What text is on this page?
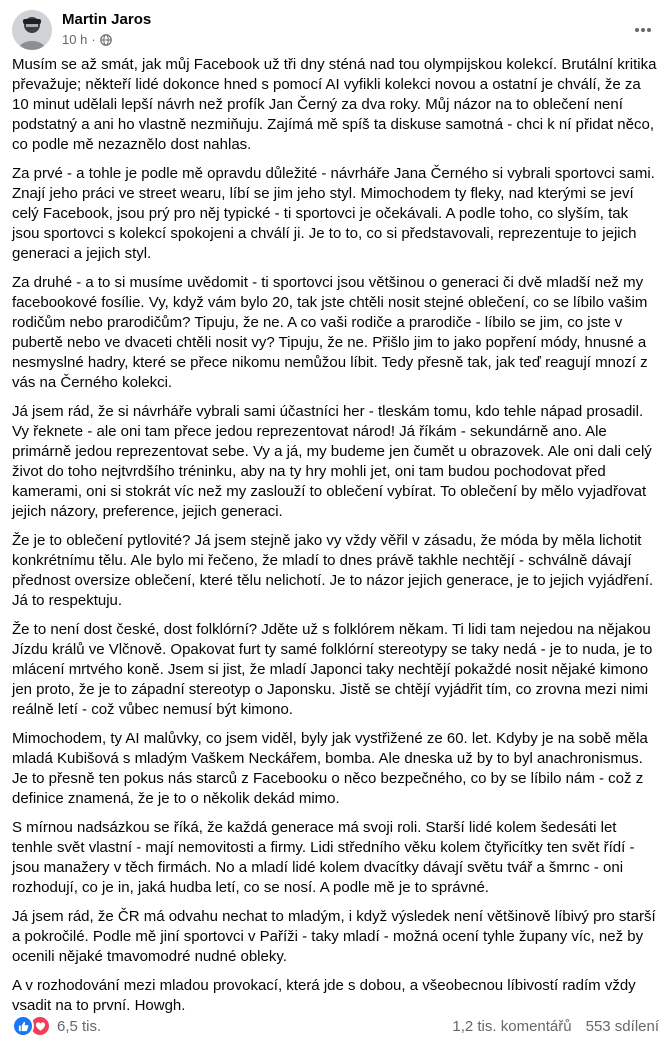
Martin Jaros
10 h ·

Musím se až smát, jak můj Facebook už tři dny sténá nad tou olympijskou kolekcí. Brutální kritika převažuje; někteří lidé dokonce hned s pomocí AI vyfikli kolekci novou a ostatní je chválí, že za 10 minut udělali lepší návrh než profík Jan Černý za dva roky. Můj názor na to oblečení není podstatný a ani ho vlastně nezmiňuju. Zajímá mě spíš ta diskuse samotná - chci k ní přidat něco, co podle mě nezaznělo dost nahlas.

Za prvé - a tohle je podle mě opravdu důležité - návrháře Jana Černého si vybrali sportovci sami. Znají jeho práci ve street wearu, líbí se jim jeho styl. Mimochodem ty fleky, nad kterými se jeví celý Facebook, jsou prý pro něj typické - ti sportovci je očekávali. A podle toho, co slyším, tak jsou sportovci s kolekcí spokojeni a chválí ji. Je to to, co si představovali, reprezentuje to jejich generaci a jejich styl.

Za druhé - a to si musíme uvědomit - ti sportovci jsou většinou o generaci či dvě mladší než my facebookové fosílie. Vy, když vám bylo 20, tak jste chtěli nosit stejné oblečení, co se líbilo vašim rodičům nebo prarodičům? Tipuju, že ne. A co vaši rodiče a prarodiče - líbilo se jim, co jste v pubertě nebo ve dvaceti chtěli nosit vy? Tipuju, že ne. Přišlo jim to jako popření módy, hnusné a nesmyslné hadry, které se přece nikomu nemůžou líbit. Tedy přesně tak, jak teď reagují mnozí z vás na Černého kolekci.

Já jsem rád, že si návrháře vybrali sami účastníci her - tleskám tomu, kdo tehle nápad prosadil. Vy řeknete - ale oni tam přece jedou reprezentovat národ! Já říkám - sekundárně ano. Ale primárně jedou reprezentovat sebe. Vy a já, my budeme jen čumět u obrazovek. Ale oni dali celý život do toho nejtvrdšího tréninku, aby na ty hry mohli jet, oni tam budou pochodovat před kamerami, oni si stokrát víc než my zaslouží to oblečení vybírat. To oblečení by mělo vyjadřovat jejich názory, preference, jejich generaci.

Že je to oblečení pytlovité? Já jsem stejně jako vy vždy věřil v zásadu, že móda by měla lichotit konkrétnímu tělu. Ale bylo mi řečeno, že mladí to dnes právě takhle nechtějí - schválně dávají přednost oversize oblečení, které tělu nelichotí. Je to názor jejich generace, je to jejich vyjádření. Já to respektuju.

Že to není dost české, dost folklórní? Jděte už s folklórem někam. Ti lidi tam nejedou na nějakou Jízdu králů ve Vlčnově. Opakovat furt ty samé folklórní stereotypy se taky nedá - je to nuda, je to mlácení mrtvého koně. Jsem si jist, že mladí Japonci taky nechtějí pokaždé nosit nějaké kimono jen proto, že je to západní stereotyp o Japonsku. Jistě se chtějí vyjádřit tím, co zrovna mezi nimi reálně letí - což vůbec nemusí být kimono.

Mimochodem, ty AI malůvky, co jsem viděl, byly jak vystřižené ze 60. let. Kdyby je na sobě měla mladá Kubišová s mladým Vaškem Neckářem, bomba. Ale dneska už by to byl anachronismus. Je to přesně ten pokus nás starců z Facebooku o něco bezpečného, co by se líbilo nám - což z definice znamená, že je to o několik dekád mimo.

S mírnou nadsázkou se říká, že každá generace má svoji roli. Starší lidé kolem šedesáti let tenhle svět vlastní - mají nemovitosti a firmy. Lidi středního věku kolem čtyřicítky ten svět řídí - jsou manažery v těch firmách. No a mladí lidé kolem dvacítky dávají světu tvář a šmrnc - oni rozhodují, co je in, jaká hudba letí, co se nosí. A podle mě je to správné.

Já jsem rád, že ČR má odvahu nechat to mladým, i když výsledek není většinově líbivý pro starší a pokročilé. Podle mě jiní sportovci v Paříži - taky mladí - možná ocení tyhle župany víc, než by ocenili nějaké tmavomodré nudné obleky.

A v rozhodování mezi mladou provokací, která jde s dobou, a všeobecnou líbivostí radím vždy vsadit na to první. Howgh.

6,5 tis.	1,2 tis. komentářů 553 sdílení
